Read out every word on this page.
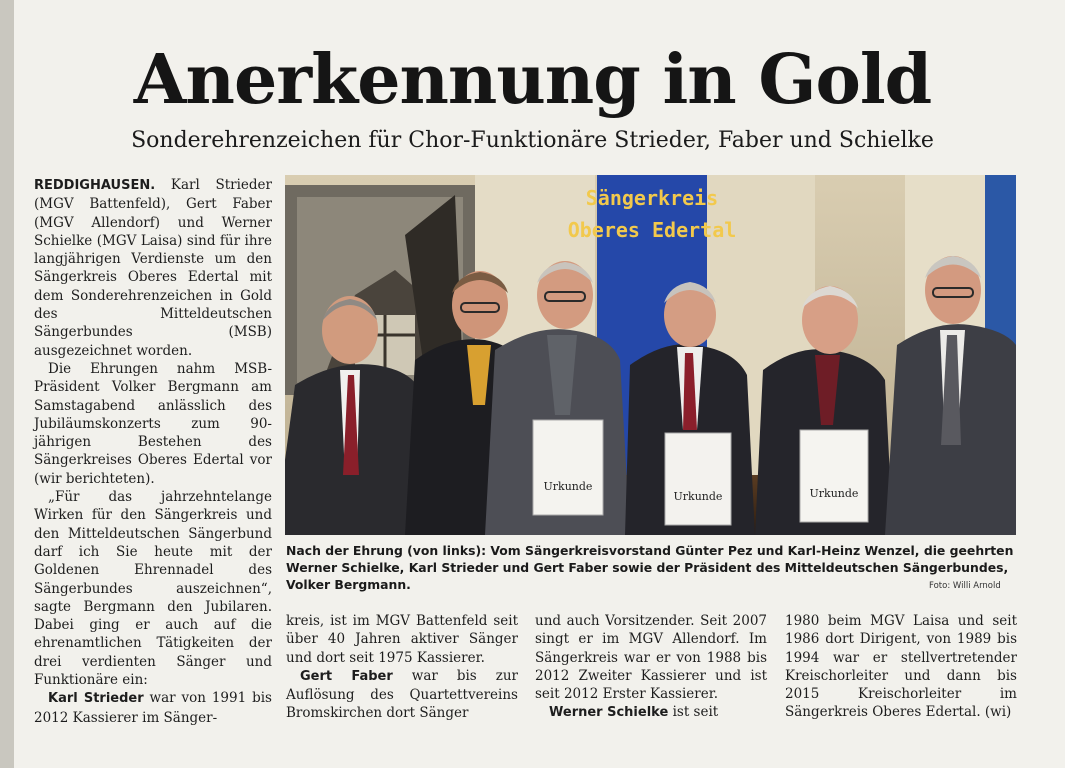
Anerkennung in Gold
Sonderehrenzeichen für Chor-Funktionäre Strieder, Faber und Schielke

REDDIGHAUSEN. Karl Strieder (MGV Battenfeld), Gert Faber (MGV Allendorf) und Werner Schielke (MGV Laisa) sind für ihre langjährigen Verdienste um den Sängerkreis Oberes Edertal mit dem Sonderehrenzeichen in Gold des Mitteldeutschen Sängerbundes (MSB) ausgezeichnet worden.

Die Ehrungen nahm MSB-Präsident Volker Bergmann am Samstagabend anlässlich des Jubiläumskonzerts zum 90-jährigen Bestehen des Sängerkreises Oberes Edertal vor (wir berichteten).

„Für das jahrzehntelange Wirken für den Sängerkreis und den Mitteldeutschen Sängerbund darf ich Sie heute mit der Goldenen Ehrennadel des Sängerbundes auszeichnen“, sagte Bergmann den Jubilaren. Dabei ging er auch auf die ehrenamtlichen Tätigkeiten der drei verdienten Sänger und Funktionäre ein:

Karl Strieder war von 1991 bis 2012 Kassierer im Sänger-

Sängerkreis
Oberes Edertal
Urkunde
Urkunde	Urkunde
Nach der Ehrung (von links): Vom Sängerkreisvorstand Günter Pez und Karl-Heinz Wenzel, die geehrten Werner Schielke, Karl Strieder und Gert Faber sowie der Präsident des Mitteldeutschen Sängerbundes, Volker Bergmann.	Foto: Willi Arnold

kreis, ist im MGV Battenfeld seit über 40 Jahren aktiver Sänger und dort seit 1975 Kassierer.

Gert Faber war bis zur Auflösung des Quartettvereins Bromskirchen dort Sänger

und auch Vorsitzender. Seit 2007 singt er im MGV Allendorf. Im Sängerkreis war er von 1988 bis 2012 Zweiter Kassierer und ist seit 2012 Erster Kassierer.

Werner Schielke ist seit

1980 beim MGV Laisa und seit 1986 dort Dirigent, von 1989 bis 1994 war er stellvertretender Kreischorleiter und dann bis 2015 Kreischorleiter im Sängerkreis Oberes Edertal. (wi)
